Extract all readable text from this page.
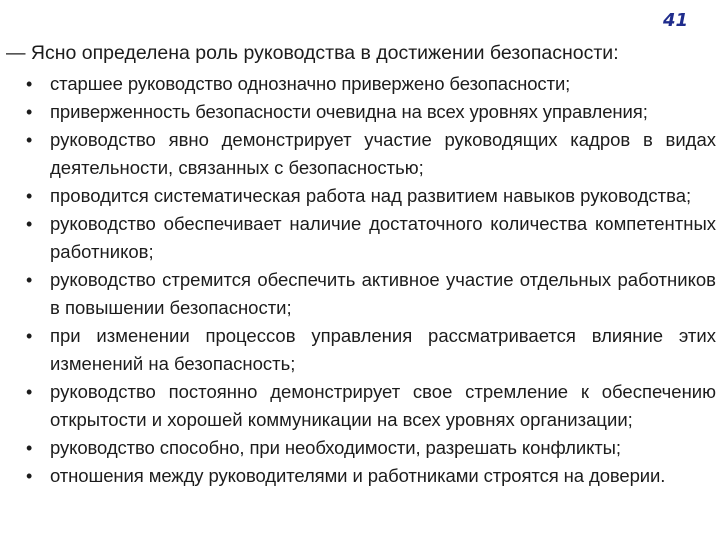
41
— Ясно определена роль руководства в достижении безопасности:
• старшее руководство однозначно привержено безопасности;
• приверженность безопасности очевидна на всех уровнях управления;
• руководство явно демонстрирует участие руководящих кадров в видах деятельности, связанных с безопасностью;
• проводится систематическая работа над развитием навыков руководства;
• руководство обеспечивает наличие достаточного количества компетентных работников;
• руководство стремится обеспечить активное участие отдельных работников в повышении безопасности;
• при изменении процессов управления рассматривается влияние этих изменений на безопасность;
• руководство постоянно демонстрирует свое стремление к обеспечению открытости и хорошей коммуникации на всех уровнях организации;
• руководство способно, при необходимости, разрешать конфликты;
• отношения между руководителями и работниками строятся на доверии.
